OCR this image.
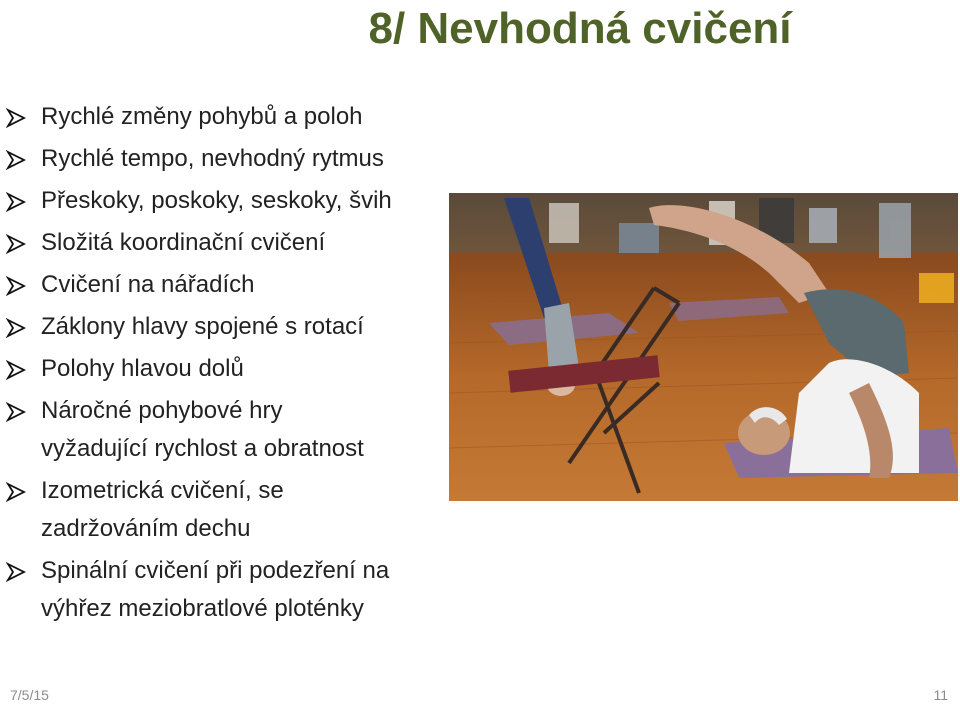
8/ Nevhodná cvičení
Rychlé změny pohybů a poloh
Rychlé tempo, nevhodný rytmus
Přeskoky, poskoky, seskoky, švih
Složitá koordinační cvičení
Cvičení na nářadích
Záklony hlavy spojené s rotací
Polohy hlavou dolů
Náročné pohybové hry
vyžadující rychlost a obratnost
Izometrická cvičení, se
zadržováním dechu
Spinální cvičení při podezření na
výhřez meziobratlové ploténky
7/5/15	11
